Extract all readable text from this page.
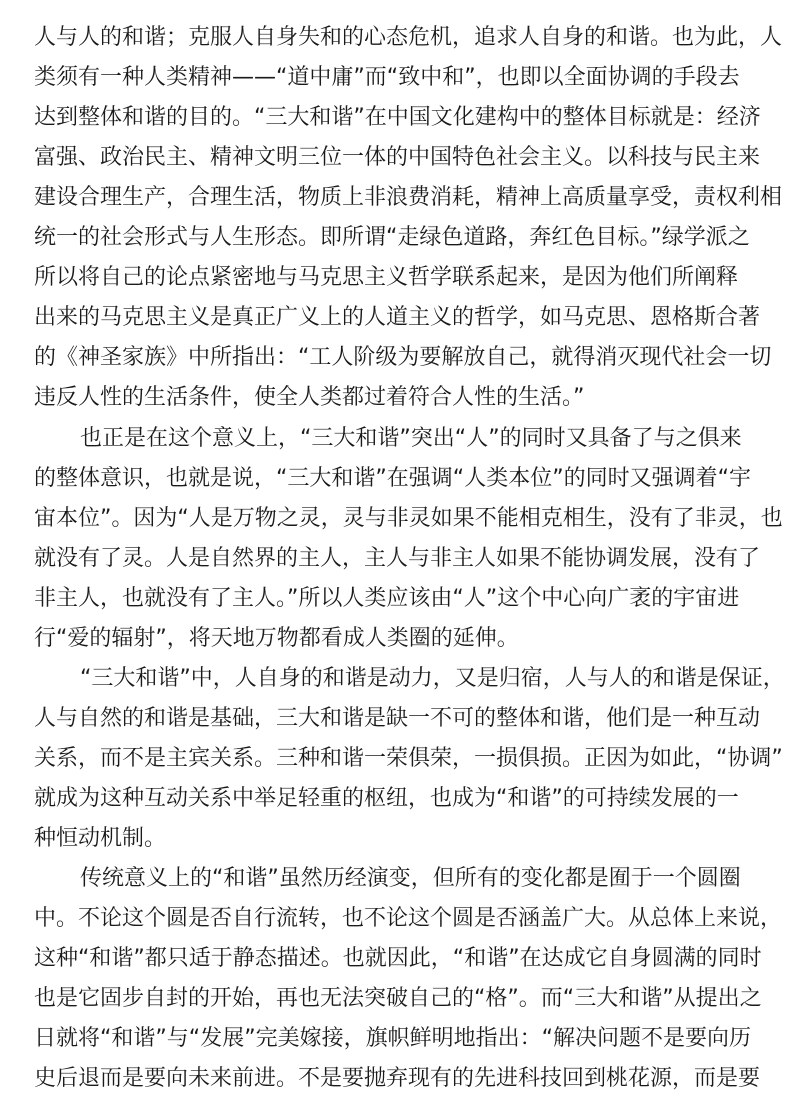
人与人的和谐；克服人自身失和的心态危机，追求人自身的和谐。也为此，人
类须有一种人类精神——“道中庸”而“致中和”，也即以全面协调的手段去
达到整体和谐的目的。“三大和谐”在中国文化建构中的整体目标就是：经济
富强、政治民主、精神文明三位一体的中国特色社会主义。以科技与民主来
建设合理生产，合理生活，物质上非浪费消耗，精神上高质量享受，责权利相
统一的社会形式与人生形态。即所谓“走绿色道路，奔红色目标。”绿学派之
所以将自己的论点紧密地与马克思主义哲学联系起来，是因为他们所阐释
出来的马克思主义是真正广义上的人道主义的哲学，如马克思、恩格斯合著
的《神圣家族》中所指出：“工人阶级为要解放自己，就得消灭现代社会一切
违反人性的生活条件，使全人类都过着符合人性的生活。”
也正是在这个意义上，“三大和谐”突出“人”的同时又具备了与之俱来
的整体意识，也就是说，“三大和谐”在强调“人类本位”的同时又强调着“宇
宙本位”。因为“人是万物之灵，灵与非灵如果不能相克相生，没有了非灵，也
就没有了灵。人是自然界的主人，主人与非主人如果不能协调发展，没有了
非主人，也就没有了主人。”所以人类应该由“人”这个中心向广袤的宇宙进
行“爱的辐射”，将天地万物都看成人类圈的延伸。
“三大和谐”中，人自身的和谐是动力，又是归宿，人与人的和谐是保证，
人与自然的和谐是基础，三大和谐是缺一不可的整体和谐，他们是一种互动
关系，而不是主宾关系。三种和谐一荣俱荣，一损俱损。正因为如此，“协调”
就成为这种互动关系中举足轻重的枢纽，也成为“和谐”的可持续发展的一
种恒动机制。
传统意义上的“和谐”虽然历经演变，但所有的变化都是囿于一个圆圈
中。不论这个圆是否自行流转，也不论这个圆是否涵盖广大。从总体上来说，
这种“和谐”都只适于静态描述。也就因此，“和谐”在达成它自身圆满的同时
也是它固步自封的开始，再也无法突破自己的“格”。而“三大和谐”从提出之
日就将“和谐”与“发展”完美嫁接，旗帜鲜明地指出：“解决问题不是要向历
史后退而是要向未来前进。不是要抛弃现有的先进科技回到桃花源，而是要
